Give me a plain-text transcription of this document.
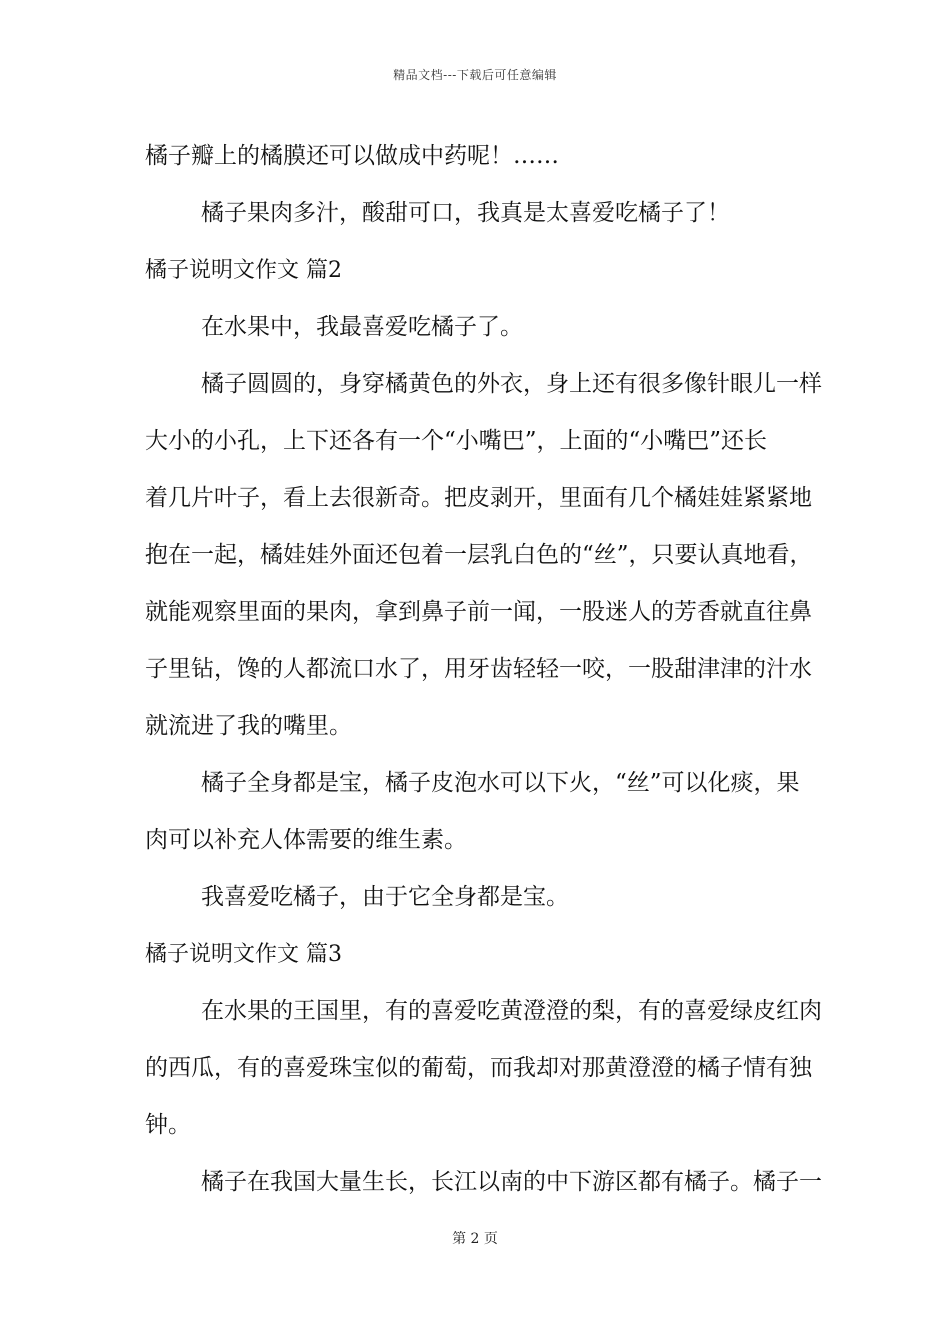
精品文档---下载后可任意编辑
橘子瓣上的橘膜还可以做成中药呢！……
橘子果肉多汁，酸甜可口，我真是太喜爱吃橘子了！
橘子说明文作文 篇2
在水果中，我最喜爱吃橘子了。
橘子圆圆的，身穿橘黄色的外衣，身上还有很多像针眼儿一样
大小的小孔，上下还各有一个“小嘴巴”，上面的“小嘴巴”还长
着几片叶子，看上去很新奇。把皮剥开，里面有几个橘娃娃紧紧地
抱在一起，橘娃娃外面还包着一层乳白色的“丝”，只要认真地看，
就能观察里面的果肉，拿到鼻子前一闻，一股迷人的芳香就直往鼻
子里钻，馋的人都流口水了，用牙齿轻轻一咬，一股甜津津的汁水
就流进了我的嘴里。
橘子全身都是宝，橘子皮泡水可以下火，“丝”可以化痰，果
肉可以补充人体需要的维生素。
我喜爱吃橘子，由于它全身都是宝。
橘子说明文作文 篇3
在水果的王国里，有的喜爱吃黄澄澄的梨，有的喜爱绿皮红肉
的西瓜，有的喜爱珠宝似的葡萄，而我却对那黄澄澄的橘子情有独
钟。
橘子在我国大量生长，长江以南的中下游区都有橘子。橘子一
第 2 页
